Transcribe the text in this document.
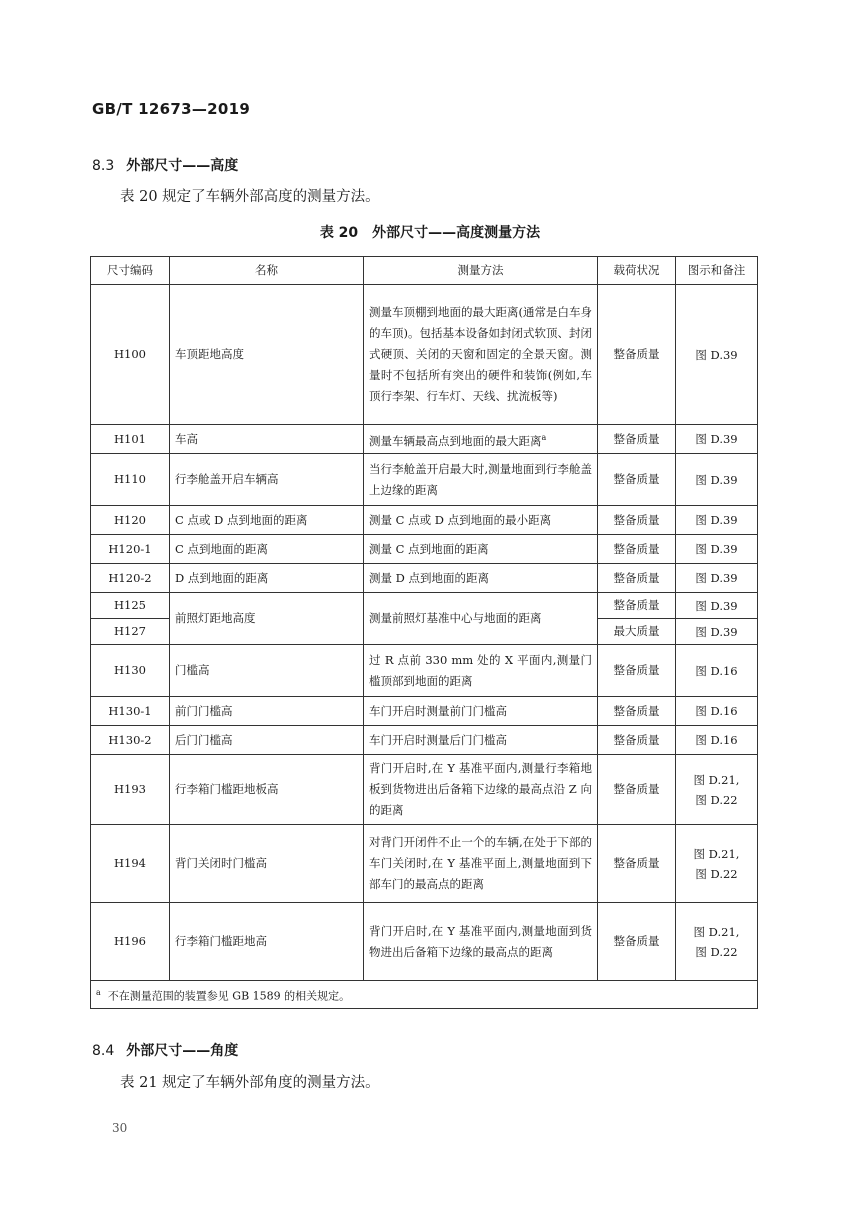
GB/T 12673—2019
8.3 外部尺寸——高度
表 20 规定了车辆外部高度的测量方法。
表 20 外部尺寸——高度测量方法
尺寸编码	名称	测量方法	载荷状况	图示和备注
H100	车顶距地高度	测量车顶棚到地面的最大距离(通常是白车身的车顶)。包括基本设备如封闭式软顶、封闭式硬顶、关闭的天窗和固定的全景天窗。测量时不包括所有突出的硬件和装饰(例如,车顶行李架、行车灯、天线、扰流板等)	整备质量	图 D.39
H101	车高	测量车辆最高点到地面的最大距离$^a$	整备质量	图 D.39
H110	行李舱盖开启车辆高	当行李舱盖开启最大时,测量地面到行李舱盖上边缘的距离	整备质量	图 D.39
H120	C 点或 D 点到地面的距离	测量 C 点或 D 点到地面的最小距离	整备质量	图 D.39
H120-1	C 点到地面的距离	测量 C 点到地面的距离	整备质量	图 D.39
H120-2	D 点到地面的距离	测量 D 点到地面的距离	整备质量	图 D.39
H125	前照灯距地高度	测量前照灯基准中心与地面的距离	整备质量	图 D.39
H127			最大质量	图 D.39
H130	门槛高	过 R 点前 330 mm 处的 X 平面内,测量门槛顶部到地面的距离	整备质量	图 D.16
H130-1	前门门槛高	车门开启时测量前门门槛高	整备质量	图 D.16
H130-2	后门门槛高	车门开启时测量后门门槛高	整备质量	图 D.16
H193	行李箱门槛距地板高	背门开启时,在 Y 基准平面内,测量行李箱地板到货物进出后备箱下边缘的最高点沿 Z 向的距离	整备质量	图 D.21,
图 D.22

H194	背门关闭时门槛高	对背门开闭件不止一个的车辆,在处于下部的车门关闭时,在 Y 基准平面上,测量地面到下部车门的最高点的距离	整备质量	图 D.21,
图 D.22

H196	行李箱门槛距地高	背门开启时,在 Y 基准平面内,测量地面到货物进出后备箱下边缘的最高点的距离	整备质量	图 D.21,
图 D.22

$^a$ 不在测量范围的装置参见 GB 1589 的相关规定。				
8.4 外部尺寸——角度
表 21 规定了车辆外部角度的测量方法。
30
